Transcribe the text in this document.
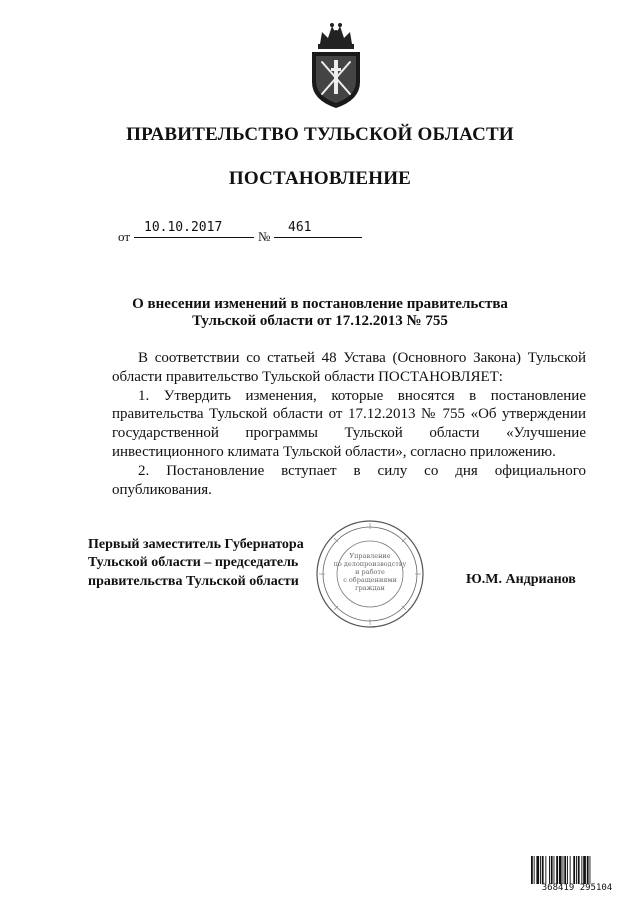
ПРАВИТЕЛЬСТВО ТУЛЬСКОЙ ОБЛАСТИ
ПОСТАНОВЛЕНИЕ
от
10.10.2017
№
461
О внесении изменений в постановление правительства
Тульской области от 17.12.2013 № 755

В соответствии со статьей 48 Устава (Основного Закона) Тульской

области правительство Тульской области ПОСТАНОВЛЯЕТ:

1. Утвердить изменения, которые вносятся в постановление

правительства Тульской области от 17.12.2013 № 755 «Об утверждении

государственной программы Тульской области «Улучшение

инвестиционного климата Тульской области», согласно приложению.

2. Постановление вступает в силу со дня официального опубликования.

Управление
по делопроизводству
и работе
с обращениями
граждан
Первый заместитель Губернатора
Тульской области – председатель
правительства Тульской области	Ю.М. Андрианов
368419 295104
